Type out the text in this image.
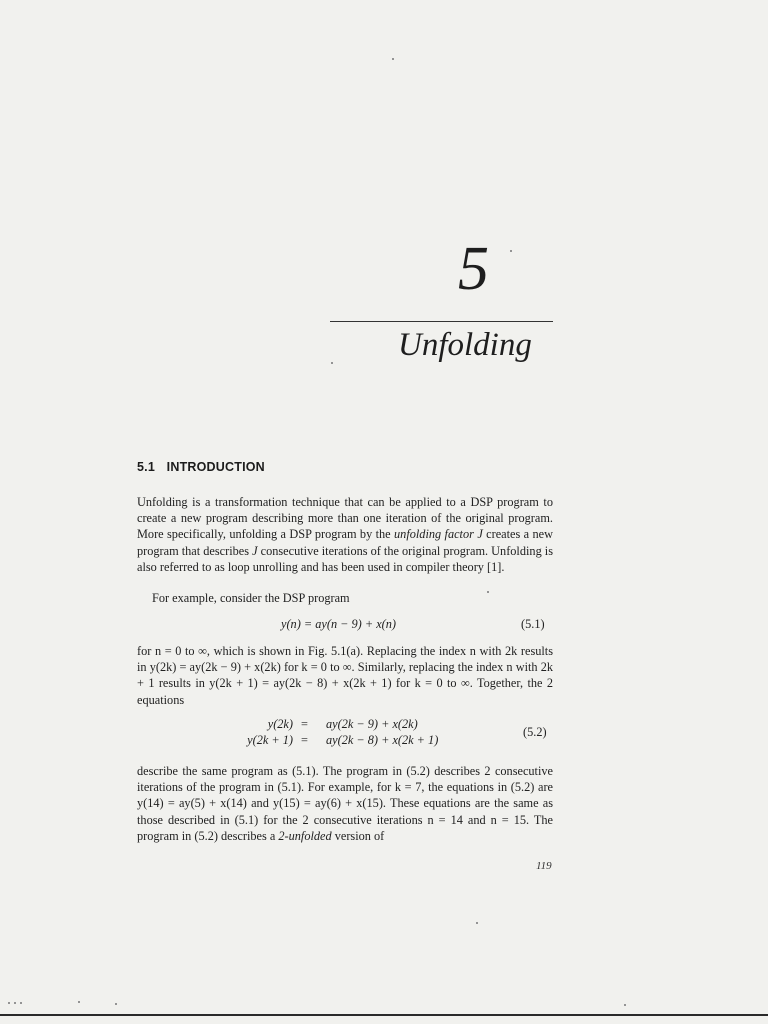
5
Unfolding
5.1 INTRODUCTION
Unfolding is a transformation technique that can be applied to a DSP program to create a new program describing more than one iteration of the original program. More specifically, unfolding a DSP program by the unfolding factor J creates a new program that describes J consecutive iterations of the original program. Unfolding is also referred to as loop unrolling and has been used in compiler theory [1].
For example, consider the DSP program
y(n) = ay(n − 9) + x(n)	(5.1)
for n = 0 to ∞, which is shown in Fig. 5.1(a). Replacing the index n with 2k results in y(2k) = ay(2k − 9) + x(2k) for k = 0 to ∞. Similarly, replacing the index n with 2k + 1 results in y(2k + 1) = ay(2k − 8) + x(2k + 1) for k = 0 to ∞. Together, the 2 equations
y(2k) = ay(2k − 9) + x(2k)
y(2k + 1) = ay(2k − 8) + x(2k + 1)
(5.2)
describe the same program as (5.1). The program in (5.2) describes 2 consecutive iterations of the program in (5.1). For example, for k = 7, the equations in (5.2) are y(14) = ay(5) + x(14) and y(15) = ay(6) + x(15). These equations are the same as those described in (5.1) for the 2 consecutive iterations n = 14 and n = 15. The program in (5.2) describes a 2-unfolded version of
119
